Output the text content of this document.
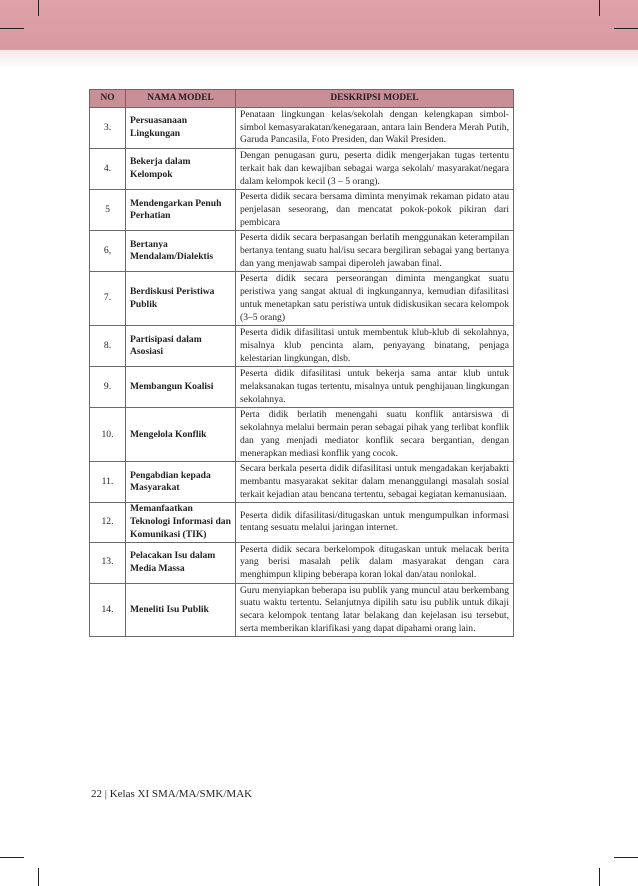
NO	NAMA MODEL	DESKRIPSI MODEL
3.	Persuasanaan Lingkungan	Penataan lingkungan kelas/sekolah dengan kelengkapan simbol-simbol kemasyarakatan/kenegaraan, antara lain Bendera Merah Putih, Garuda Pancasila, Foto Presiden, dan Wakil Presiden.
4.	Bekerja dalam Kelompok	Dengan penugasan guru, peserta didik mengerjakan tugas tertentu terkait hak dan kewajiban sebagai warga sekolah/ masyarakat/negara dalam kelompok kecil (3 – 5 orang).
5	Mendengarkan Penuh Perhatian	Peserta didik secara bersama diminta menyimak rekaman pidato atau penjelasan seseorang, dan mencatat pokok-pokok pikiran dari pembicara
6,	Bertanya Mendalam/Dialektis	Peserta didik secara berpasangan berlatih menggunakan keterampilan bertanya tentang suatu hal/isu secara bergiliran sebagai yang bertanya dan yang menjawab sampai diperoleh jawaban final.
7.	Berdiskusi Peristiwa Publik	Peserta didik secara perseorangan diminta mengangkat suatu peristiwa yang sangat aktual di ingkungannya, kemudian difasilitasi untuk menetapkan satu peristiwa untuk didiskusikan secara kelompok (3–5 orang)
8.	Partisipasi dalam Asosiasi	Peserta didik difasilitasi untuk membentuk klub-klub di sekolahnya, misalnya klub pencinta alam, penyayang binatang, penjaga kelestarian lingkungan, dlsb.
9.	Membangun Koalisi	Peserta didik difasilitasi untuk bekerja sama antar klub untuk melaksanakan tugas tertentu, misalnya untuk penghijauan lingkungan sekolahnya.
10.	Mengelola Konflik	Perta didik berlatih menengahi suatu konflik antarsiswa di sekolahnya melalui bermain peran sebagai pihak yang terlibat konflik dan yang menjadi mediator konflik secara bergantian, dengan menerapkan mediasi konflik yang cocok.
11.	Pengabdian kepada Masyarakat	Secara berkala peserta didik difasilitasi untuk mengadakan kerjabakti membantu masyarakat sekitar dalam menanggulangi masalah sosial terkait kejadian atau bencana tertentu, sebagai kegiatan kemanusiaan.
12.	Memanfaatkan Teknologi Informasi dan Komunikasi (TIK)	Peserta didik difasilitasi/ditugaskan untuk mengumpulkan informasi tentang sesuatu melalui jaringan internet.
13.	Pelacakan Isu dalam Media Massa	Peserta didik secara berkelompok ditugaskan untuk melacak berita yang berisi masalah pelik dalam masyarakat dengan cara menghimpun kliping beberapa koran lokal dan/atau nonlokal.
14.	Meneliti Isu Publik	Guru menyiapkan beberapa isu publik yang muncul atau berkembang suatu waktu tertentu. Selanjutnya dipilih satu isu publik untuk dikaji secara kelompok tentang latar belakang dan kejelasan isu tersebut, serta memberikan klarifikasi yang dapat dipahami orang lain.
22 | Kelas XI SMA/MA/SMK/MAK
